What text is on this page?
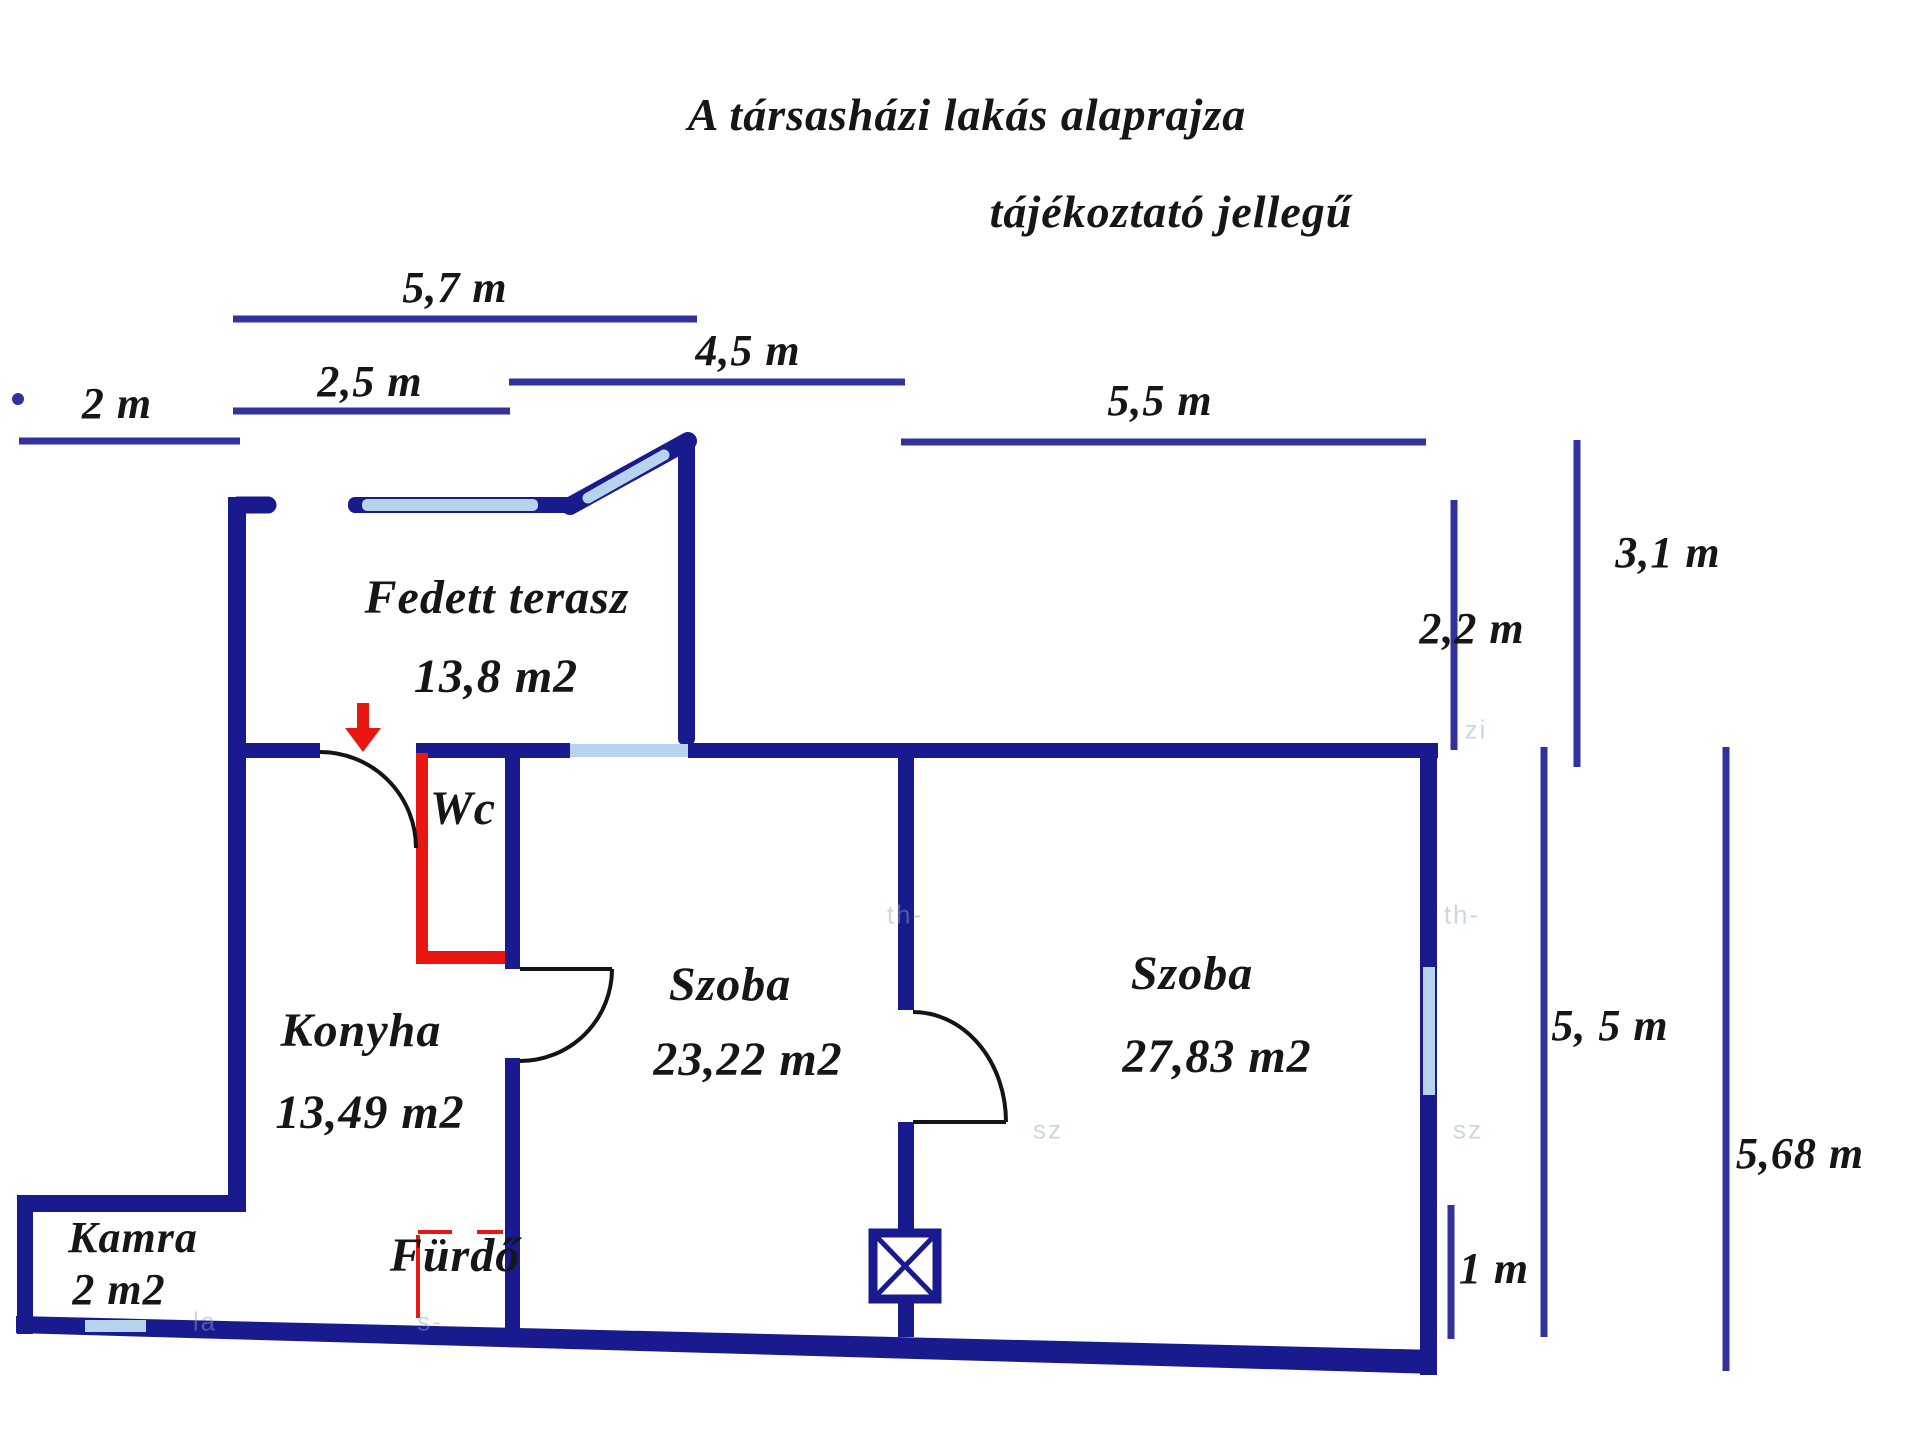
A társasházi lakás alaprajza
tájékoztató jellegű
5,7 m
4,5 m
2,5 m
2 m	5,5 m
3,1 m
2,2 m
5, 5 m
5,68 m
1 m
Fedett terasz
13,8 m2
Wc
Konyha
13,49 m2
Szoba
23,22 m2
Szoba
27,83 m2
Kamra
2 m2
Fürdő
th-	th-
sz	sz
zi
la	s-
